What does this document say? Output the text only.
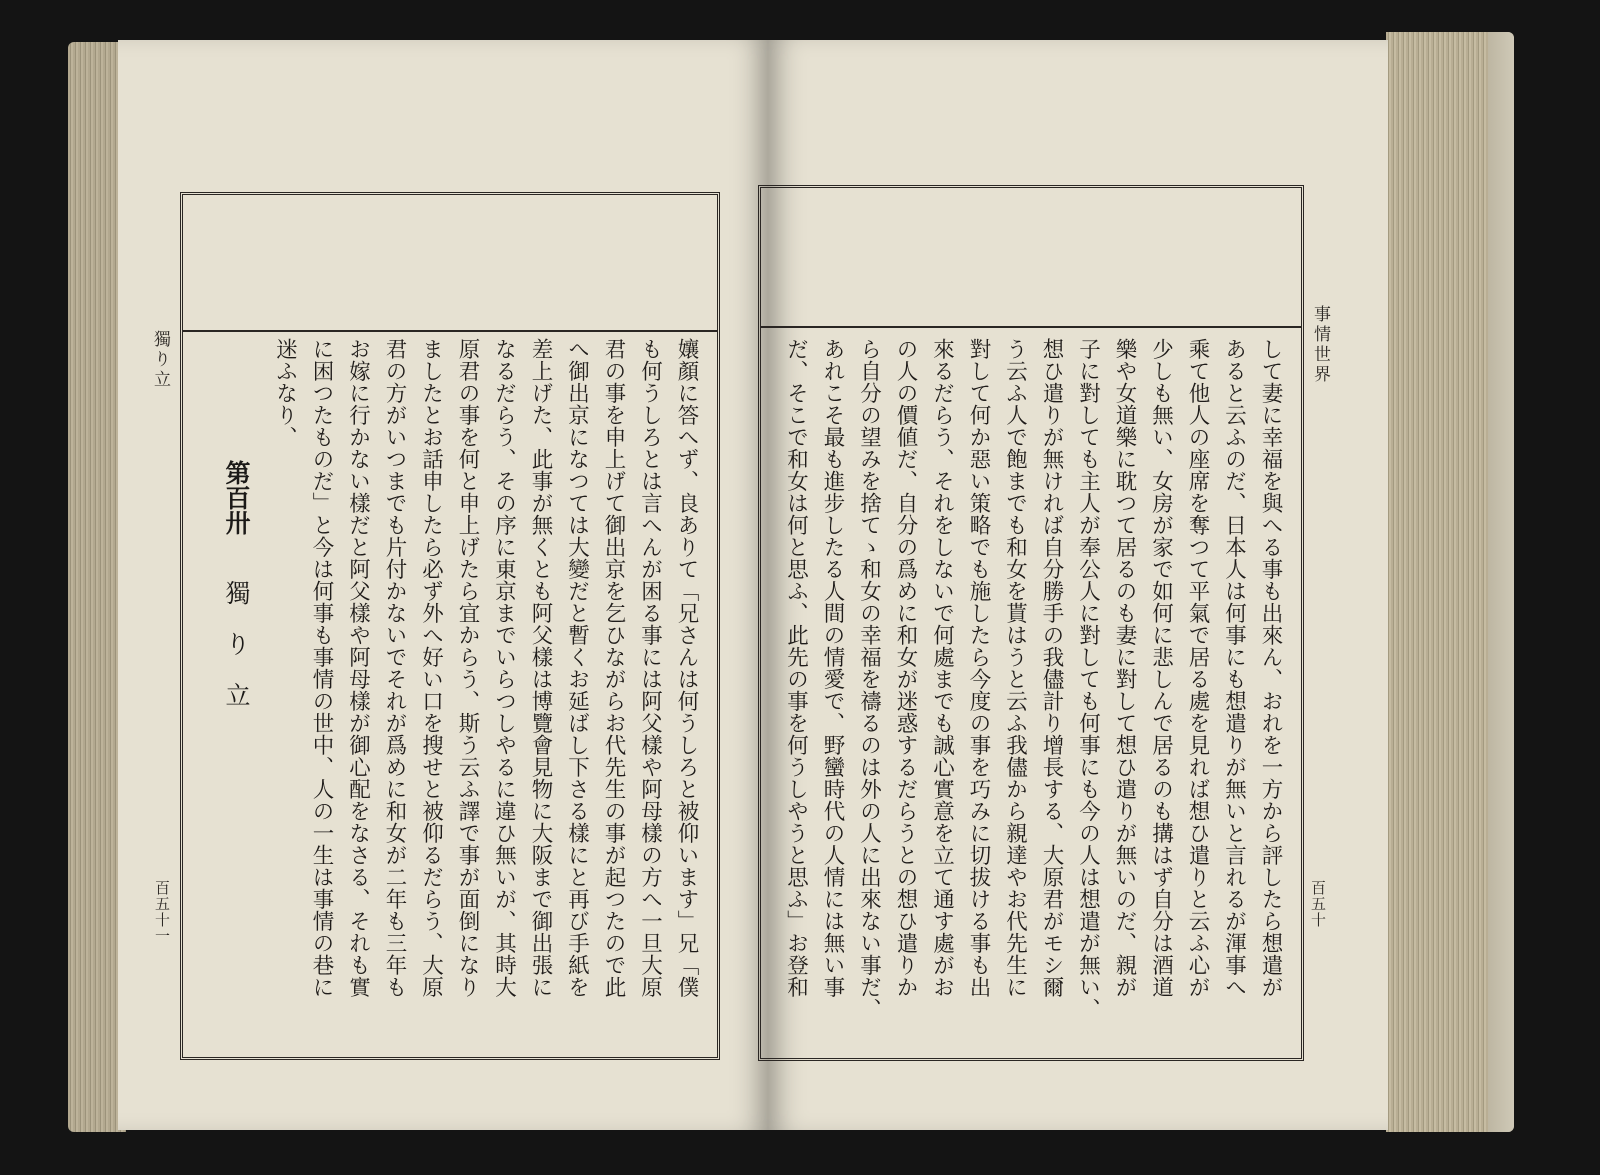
獨り立
百五十一	孃顏に答へず、良ありて「兄さんは何うしろと被仰います」兄「僕
も何うしろとは言へんが困る事には阿父樣や阿母樣の方へ一旦大原
君の事を申上げて御出京を乞ひながらお代先生の事が起つたので此
へ御出京になつては大變だと暫くお延ばし下さる樣にと再び手紙を
差上げた、此事が無くとも阿父樣は博覽會見物に大阪まで御出張に
なるだらう、その序に東京までいらつしやるに違ひ無いが、其時大
原君の事を何と申上げたら宜からう、斯う云ふ譯で事が面倒になり
ましたとお話申したら必ず外へ好い口を搜せと被仰るだらう、大原
君の方がいつまでも片付かないでそれが爲めに和女が二年も三年も
お嫁に行かない樣だと阿父樣や阿母樣が御心配をなさる、それも實
に困つたものだ」と今は何事も事情の世中、人の一生は事情の巷に
迷ふなり、
第百卅
獨り立
事情世界
百五十
して妻に幸福を與へる事も出來ん、おれを一方から評したら想遣が
あると云ふのだ、日本人は何事にも想遣りが無いと言れるが渾事へ
乘て他人の座席を奪つて平氣で居る處を見れば想ひ遣りと云ふ心が
少しも無い、女房が家で如何に悲しんで居るのも搆はず自分は酒道
樂や女道樂に耽つて居るのも妻に對して想ひ遣りが無いのだ、親が
子に對しても主人が奉公人に對しても何事にも今の人は想遣が無い、
想ひ遣りが無ければ自分勝手の我儘計り增長する、大原君がモシ爾
う云ふ人で飽までも和女を貰はうと云ふ我儘から親達やお代先生に
對して何か惡い策略でも施したら今度の事を巧みに切拔ける事も出
來るだらう、それをしないで何處までも誠心實意を立て通す處がお
の人の價値だ、自分の爲めに和女が迷惑するだらうとの想ひ遣りか
ら自分の望みを捨てゝ和女の幸福を禱るのは外の人に出來ない事だ、
あれこそ最も進步したる人間の情愛で、野蠻時代の人情には無い事
だ、そこで和女は何と思ふ、此先の事を何うしやうと思ふ」お登和
